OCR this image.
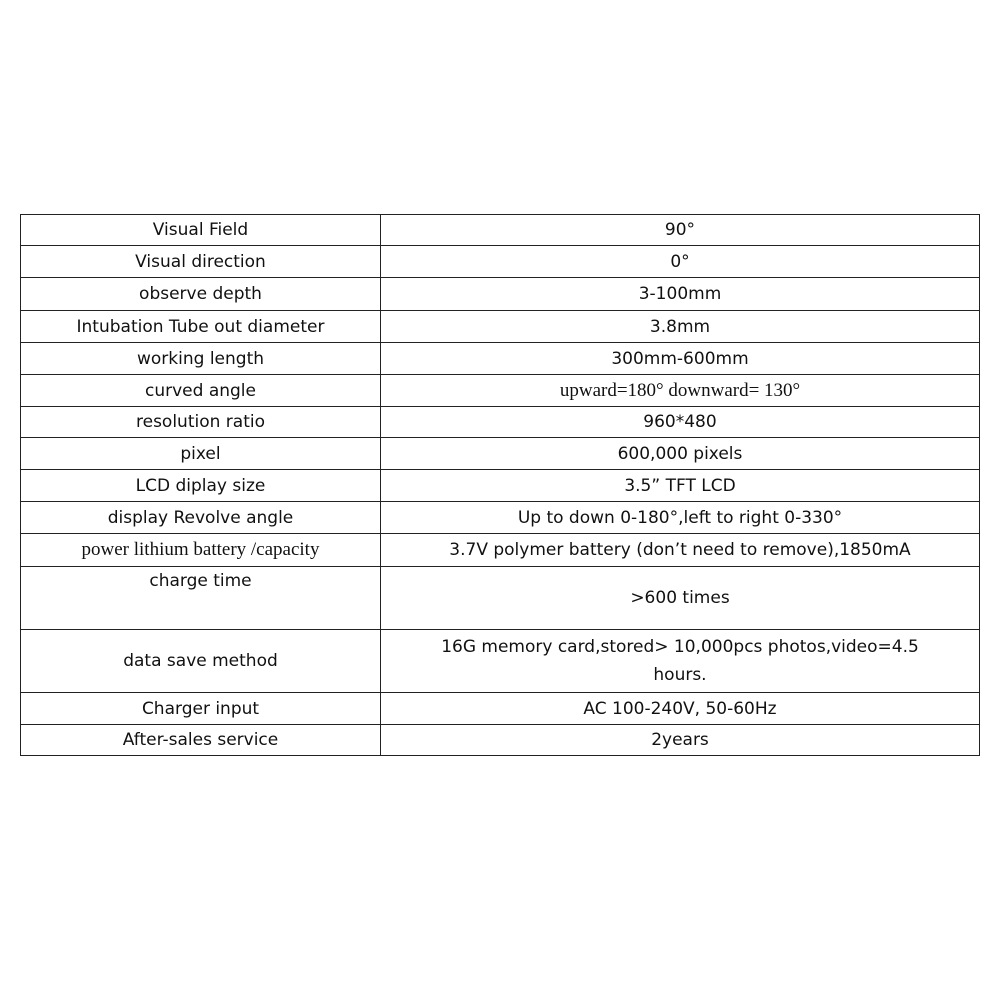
Visual Field	90°
Visual direction	0°
observe depth	3-100mm
Intubation Tube out diameter	3.8mm
working length	300mm-600mm
curved angle	upward=180° downward= 130°
resolution ratio	960*480
pixel	600,000 pixels
LCD diplay size	3.5” TFT LCD
display Revolve angle	Up to down 0-180°,left to right 0-330°
power lithium battery /capacity	3.7V polymer battery (don’t need to remove),1850mA
charge time	>600 times
data save method	16G memory card,stored> 10,000pcs photos,video=4.5 hours.
Charger input	AC 100-240V, 50-60Hz
After-sales service	2years
